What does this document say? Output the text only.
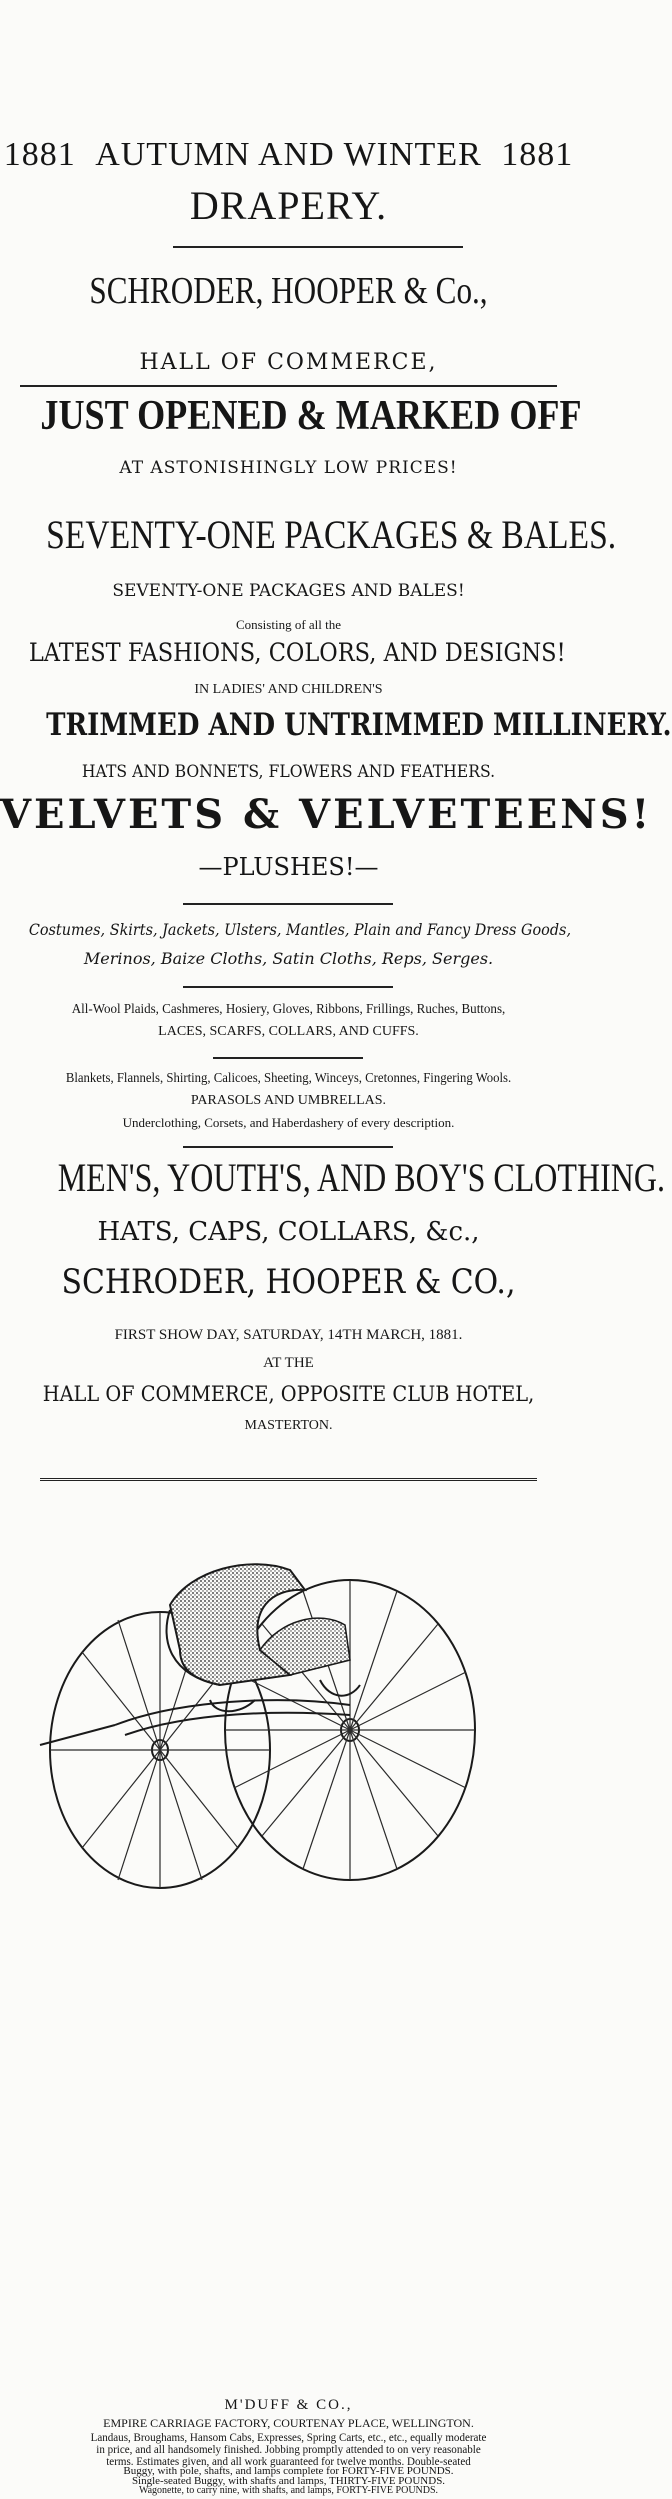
1881 AUTUMN AND WINTER 1881
DRAPERY.
SCHRODER, HOOPER & Co.,
HALL OF COMMERCE,
JUST OPENED & MARKED OFF
AT ASTONISHINGLY LOW PRICES!
SEVENTY-ONE PACKAGES & BALES.
SEVENTY-ONE PACKAGES AND BALES!
Consisting of all the
LATEST FASHIONS, COLORS, AND DESIGNS!
IN LADIES' AND CHILDREN'S
TRIMMED AND UNTRIMMED MILLINERY.
HATS AND BONNETS, FLOWERS AND FEATHERS.
VELVETS & VELVETEENS!
—PLUSHES!—
Costumes, Skirts, Jackets, Ulsters, Mantles, Plain and Fancy Dress Goods,
Merinos, Baize Cloths, Satin Cloths, Reps, Serges.
All-Wool Plaids, Cashmeres, Hosiery, Gloves, Ribbons, Frillings, Ruches, Buttons,
LACES, SCARFS, COLLARS, AND CUFFS.
Blankets, Flannels, Shirting, Calicoes, Sheeting, Winceys, Cretonnes, Fingering Wools.
PARASOLS AND UMBRELLAS.
Underclothing, Corsets, and Haberdashery of every description.
MEN'S, YOUTH'S, AND BOY'S CLOTHING.
HATS, CAPS, COLLARS, &c.,
SCHRODER, HOOPER & CO.,
FIRST SHOW DAY, SATURDAY, 14TH MARCH, 1881.
AT THE
HALL OF COMMERCE, OPPOSITE CLUB HOTEL,
MASTERTON.
M'DUFF & CO.,
EMPIRE CARRIAGE FACTORY, COURTENAY PLACE, WELLINGTON.
Landaus, Broughams, Hansom Cabs, Expresses, Spring Carts, etc., etc., equally moderate
in price, and all handsomely finished. Jobbing promptly attended to on very reasonable
terms. Estimates given, and all work guaranteed for twelve months. Double-seated
Buggy, with pole, shafts, and lamps complete for FORTY-FIVE POUNDS.
Single-seated Buggy, with shafts and lamps, THIRTY-FIVE POUNDS.
Wagonette, to carry nine, with shafts, and lamps, FORTY-FIVE POUNDS.
